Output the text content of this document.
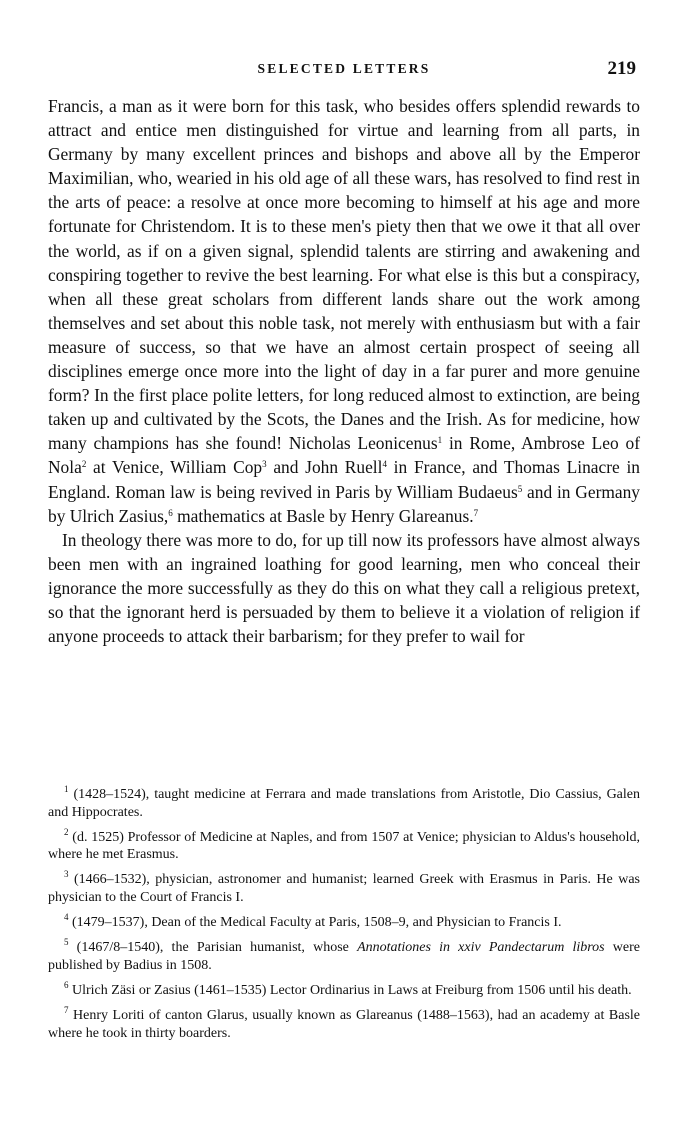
SELECTED LETTERS	219

Francis, a man as it were born for this task, who besides offers splendid rewards to attract and entice men distinguished for virtue and learning from all parts, in Germany by many excellent princes and bishops and above all by the Emperor Maximilian, who, wearied in his old age of all these wars, has resolved to find rest in the arts of peace: a resolve at once more becoming to himself at his age and more fortunate for Christendom. It is to these men's piety then that we owe it that all over the world, as if on a given signal, splendid talents are stirring and awakening and conspiring together to revive the best learning. For what else is this but a conspiracy, when all these great scholars from different lands share out the work among themselves and set about this noble task, not merely with enthusiasm but with a fair measure of success, so that we have an almost certain prospect of seeing all disciplines emerge once more into the light of day in a far purer and more genuine form? In the first place polite letters, for long reduced almost to extinction, are being taken up and cultivated by the Scots, the Danes and the Irish. As for medicine, how many champions has she found! Nicholas Leonicenus$^1$ in Rome, Ambrose Leo of Nola$^2$ at Venice, William Cop$^3$ and John Ruell$^4$ in France, and Thomas Linacre in England. Roman law is being revived in Paris by William Budaeus$^5$ and in Germany by Ulrich Zasius,$^6$ mathematics at Basle by Henry Glareanus.$^7$

In theology there was more to do, for up till now its professors have almost always been men with an ingrained loathing for good learning, men who conceal their ignorance the more successfully as they do this on what they call a religious pretext, so that the ignorant herd is persuaded by them to believe it a violation of religion if anyone proceeds to attack their barbarism; for they prefer to wail for

$^1$ (1428–1524), taught medicine at Ferrara and made translations from Aristotle, Dio Cassius, Galen and Hippocrates.

$^2$ (d. 1525) Professor of Medicine at Naples, and from 1507 at Venice; physician to Aldus's household, where he met Erasmus.

$^3$ (1466–1532), physician, astronomer and humanist; learned Greek with Erasmus in Paris. He was physician to the Court of Francis I.

$^4$ (1479–1537), Dean of the Medical Faculty at Paris, 1508–9, and Physician to Francis I.

$^5$ (1467/8–1540), the Parisian humanist, whose Annotationes in xxiv Pandectarum libros were published by Badius in 1508.

$^6$ Ulrich Zäsi or Zasius (1461–1535) Lector Ordinarius in Laws at Freiburg from 1506 until his death.

$^7$ Henry Loriti of canton Glarus, usually known as Glareanus (1488–1563), had an academy at Basle where he took in thirty boarders.
